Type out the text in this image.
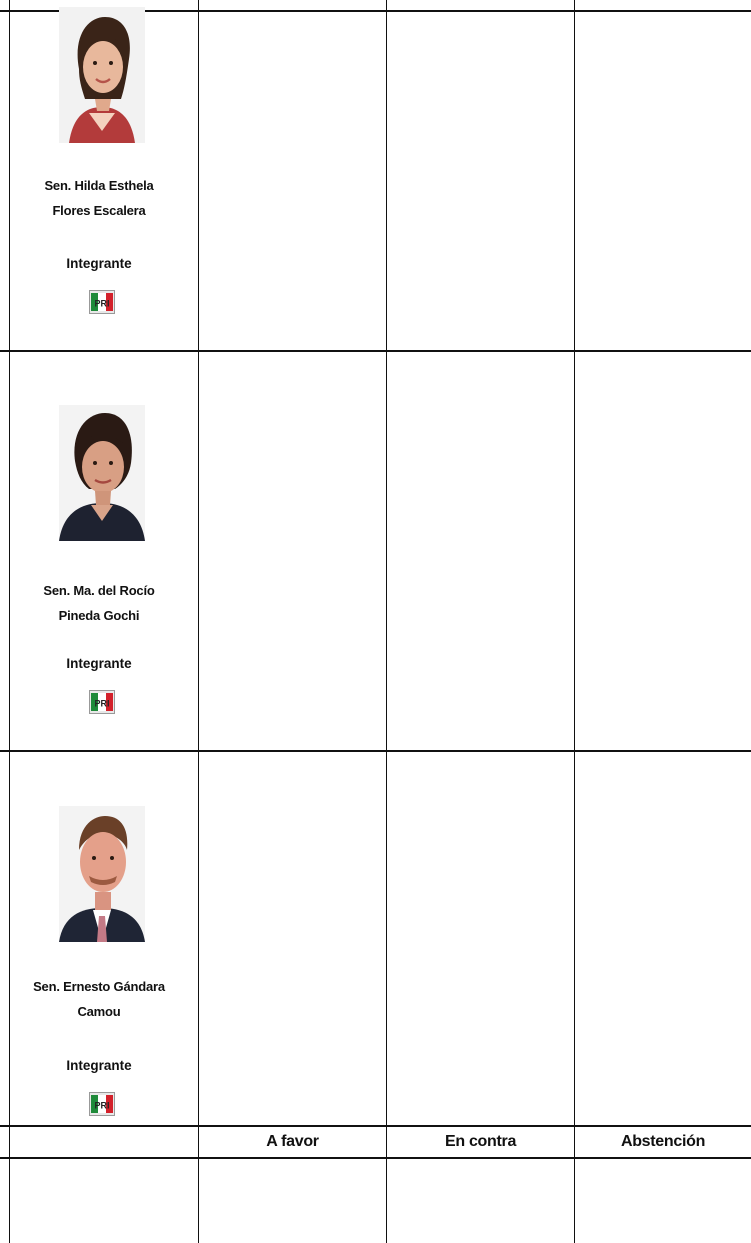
Sen. Hilda Esthela
Flores Escalera
Integrante
PRI
Sen. Ma. del Rocío
Pineda Gochi
Integrante
PRI
Sen. Ernesto Gándara
Camou
Integrante
PRI
A favor	En contra	Abstención
